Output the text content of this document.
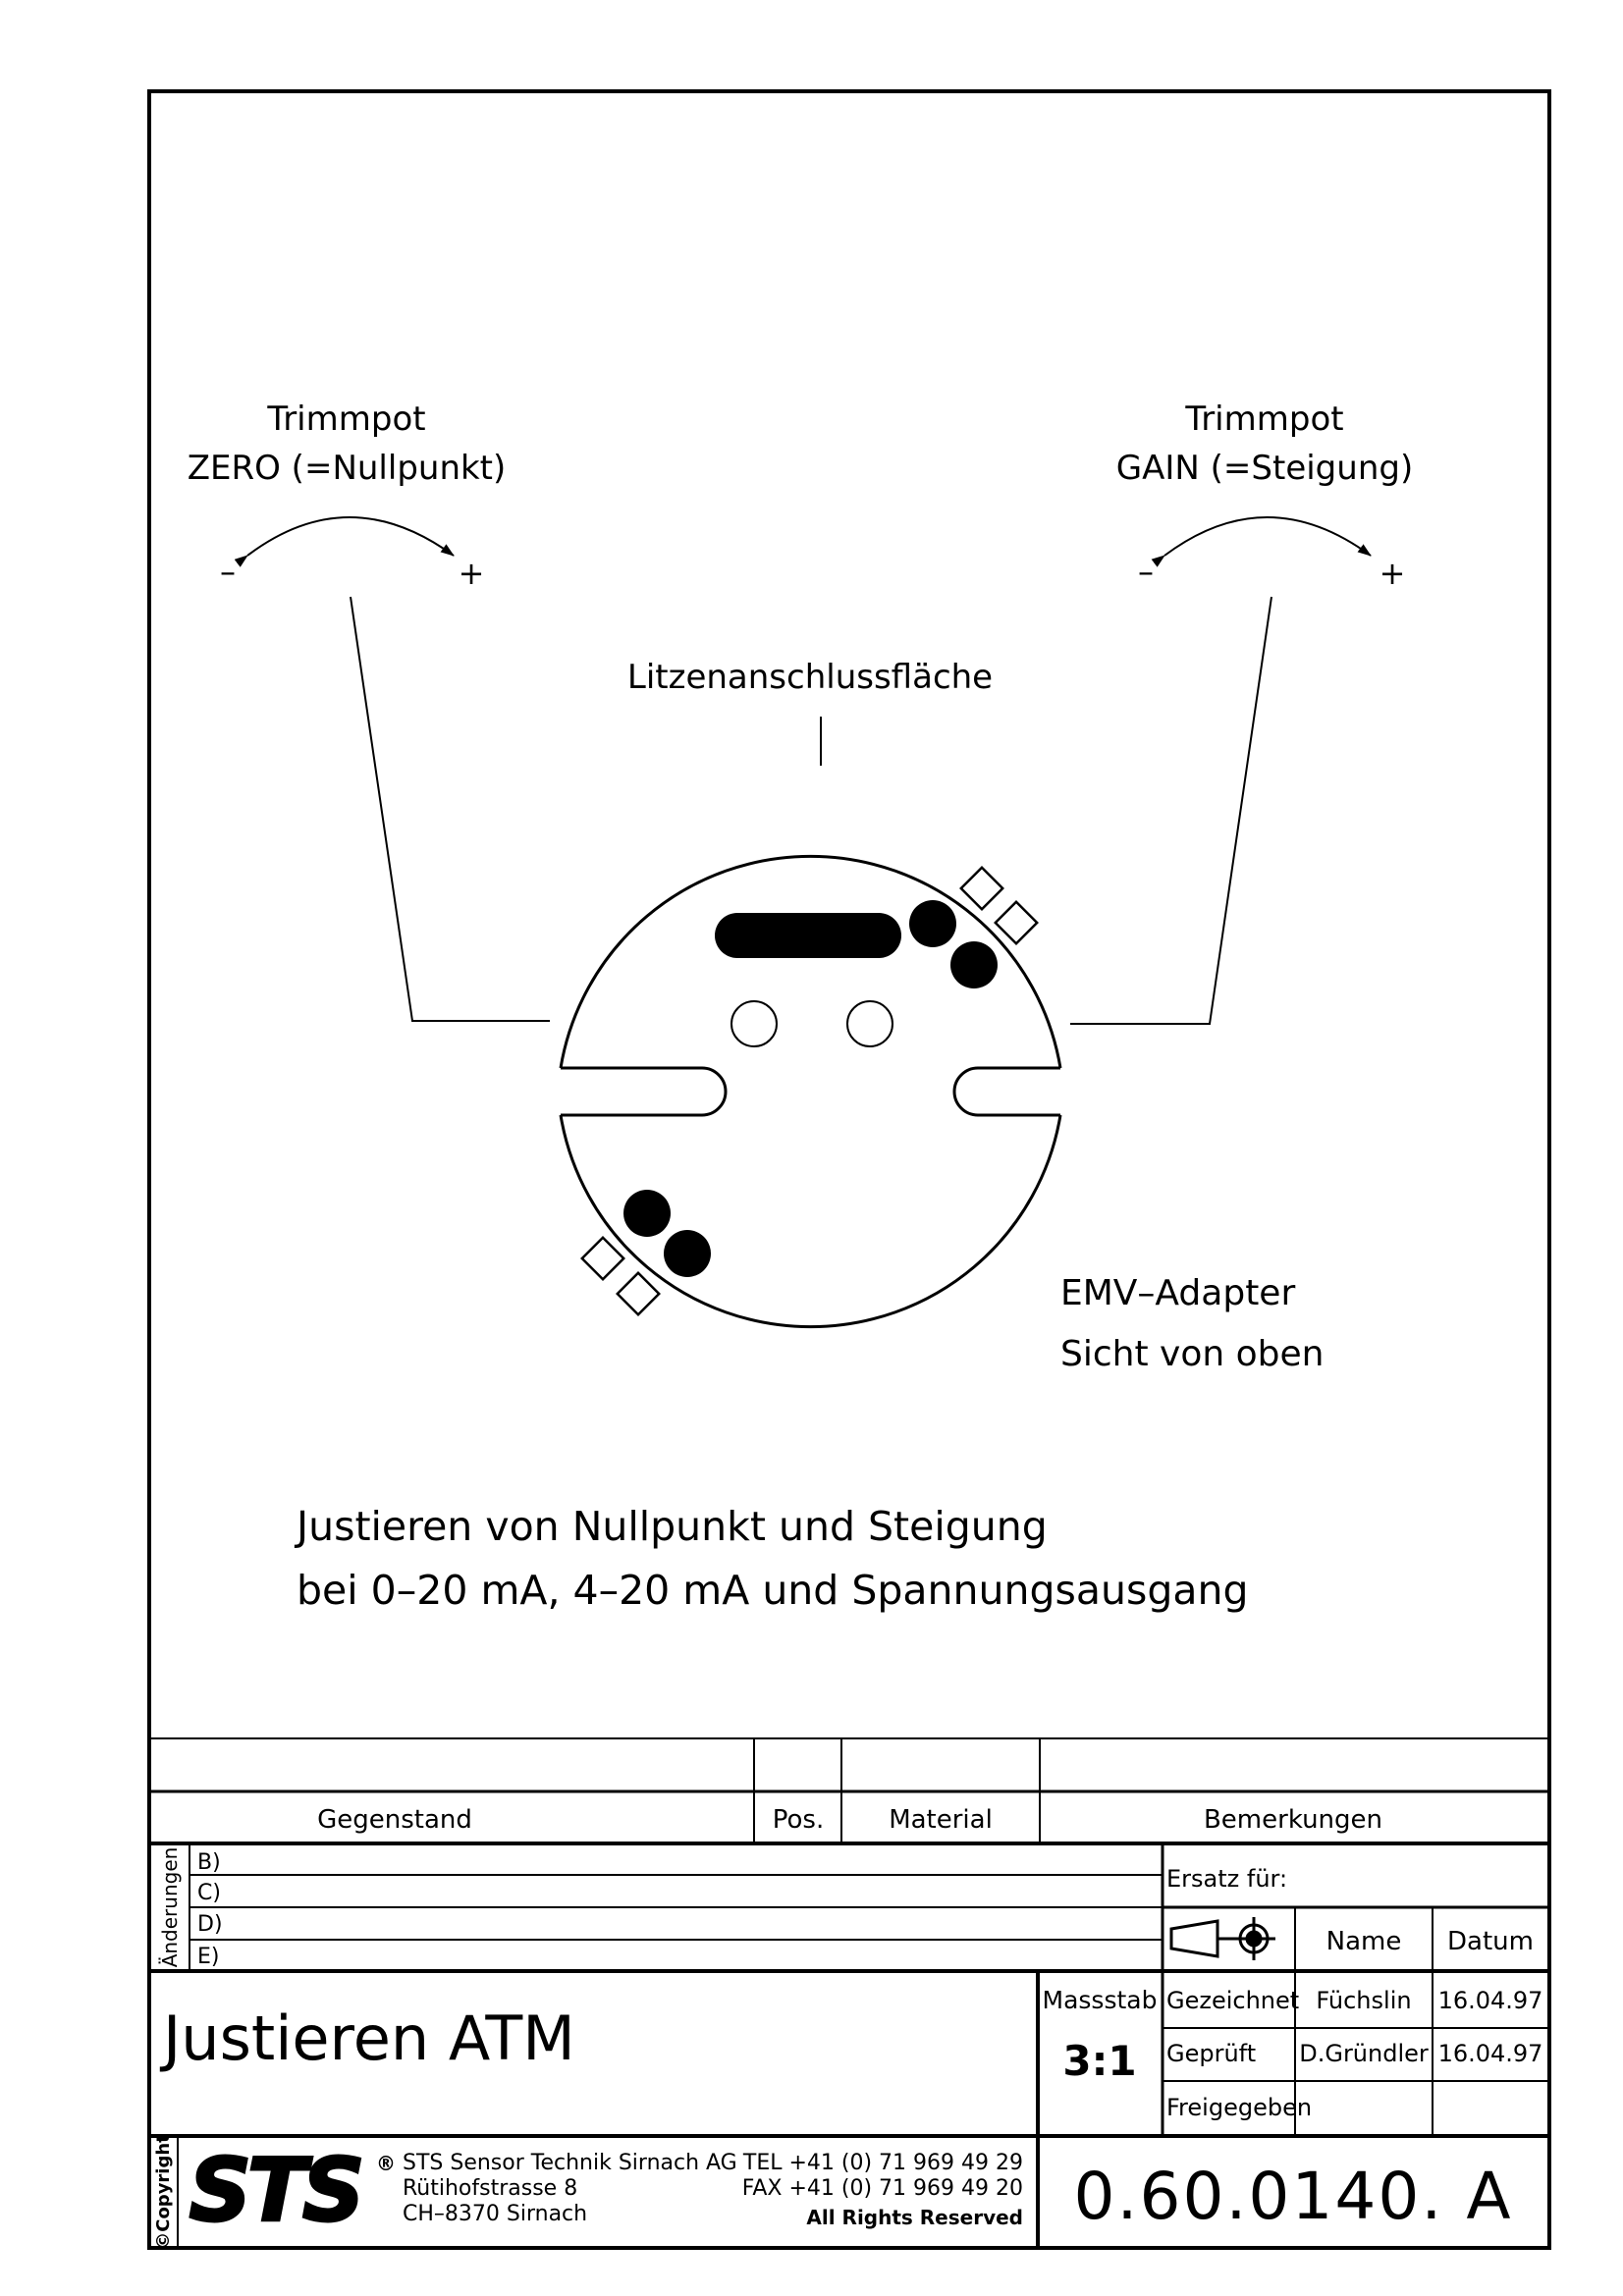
Trimmpot
ZERO (=Nullpunkt)
–	+
Trimmpot
GAIN (=Steigung)
–	+
Litzenanschlussfläche
EMV–Adapter
Sicht von oben
Justieren von Nullpunkt und Steigung
bei 0–20 mA, 4–20 mA und Spannungsausgang
Gegenstand	Pos.	Material	Bemerkungen
Änderungen B)
C)
D)
E)
Ersatz für:
Name Datum
Justieren ATM
Massstab
3:1
Gezeichnet Füchslin 16.04.97
Geprüft D.Gründler 16.04.97
Freigegeben
©Copyright STS ® STS Sensor Technik Sirnach AG
Rütihofstrasse 8
CH–8370 Sirnach
TEL +41 (0) 71 969 49 29
FAX +41 (0) 71 969 49 20
All Rights Reserved 0.60.0140. A
